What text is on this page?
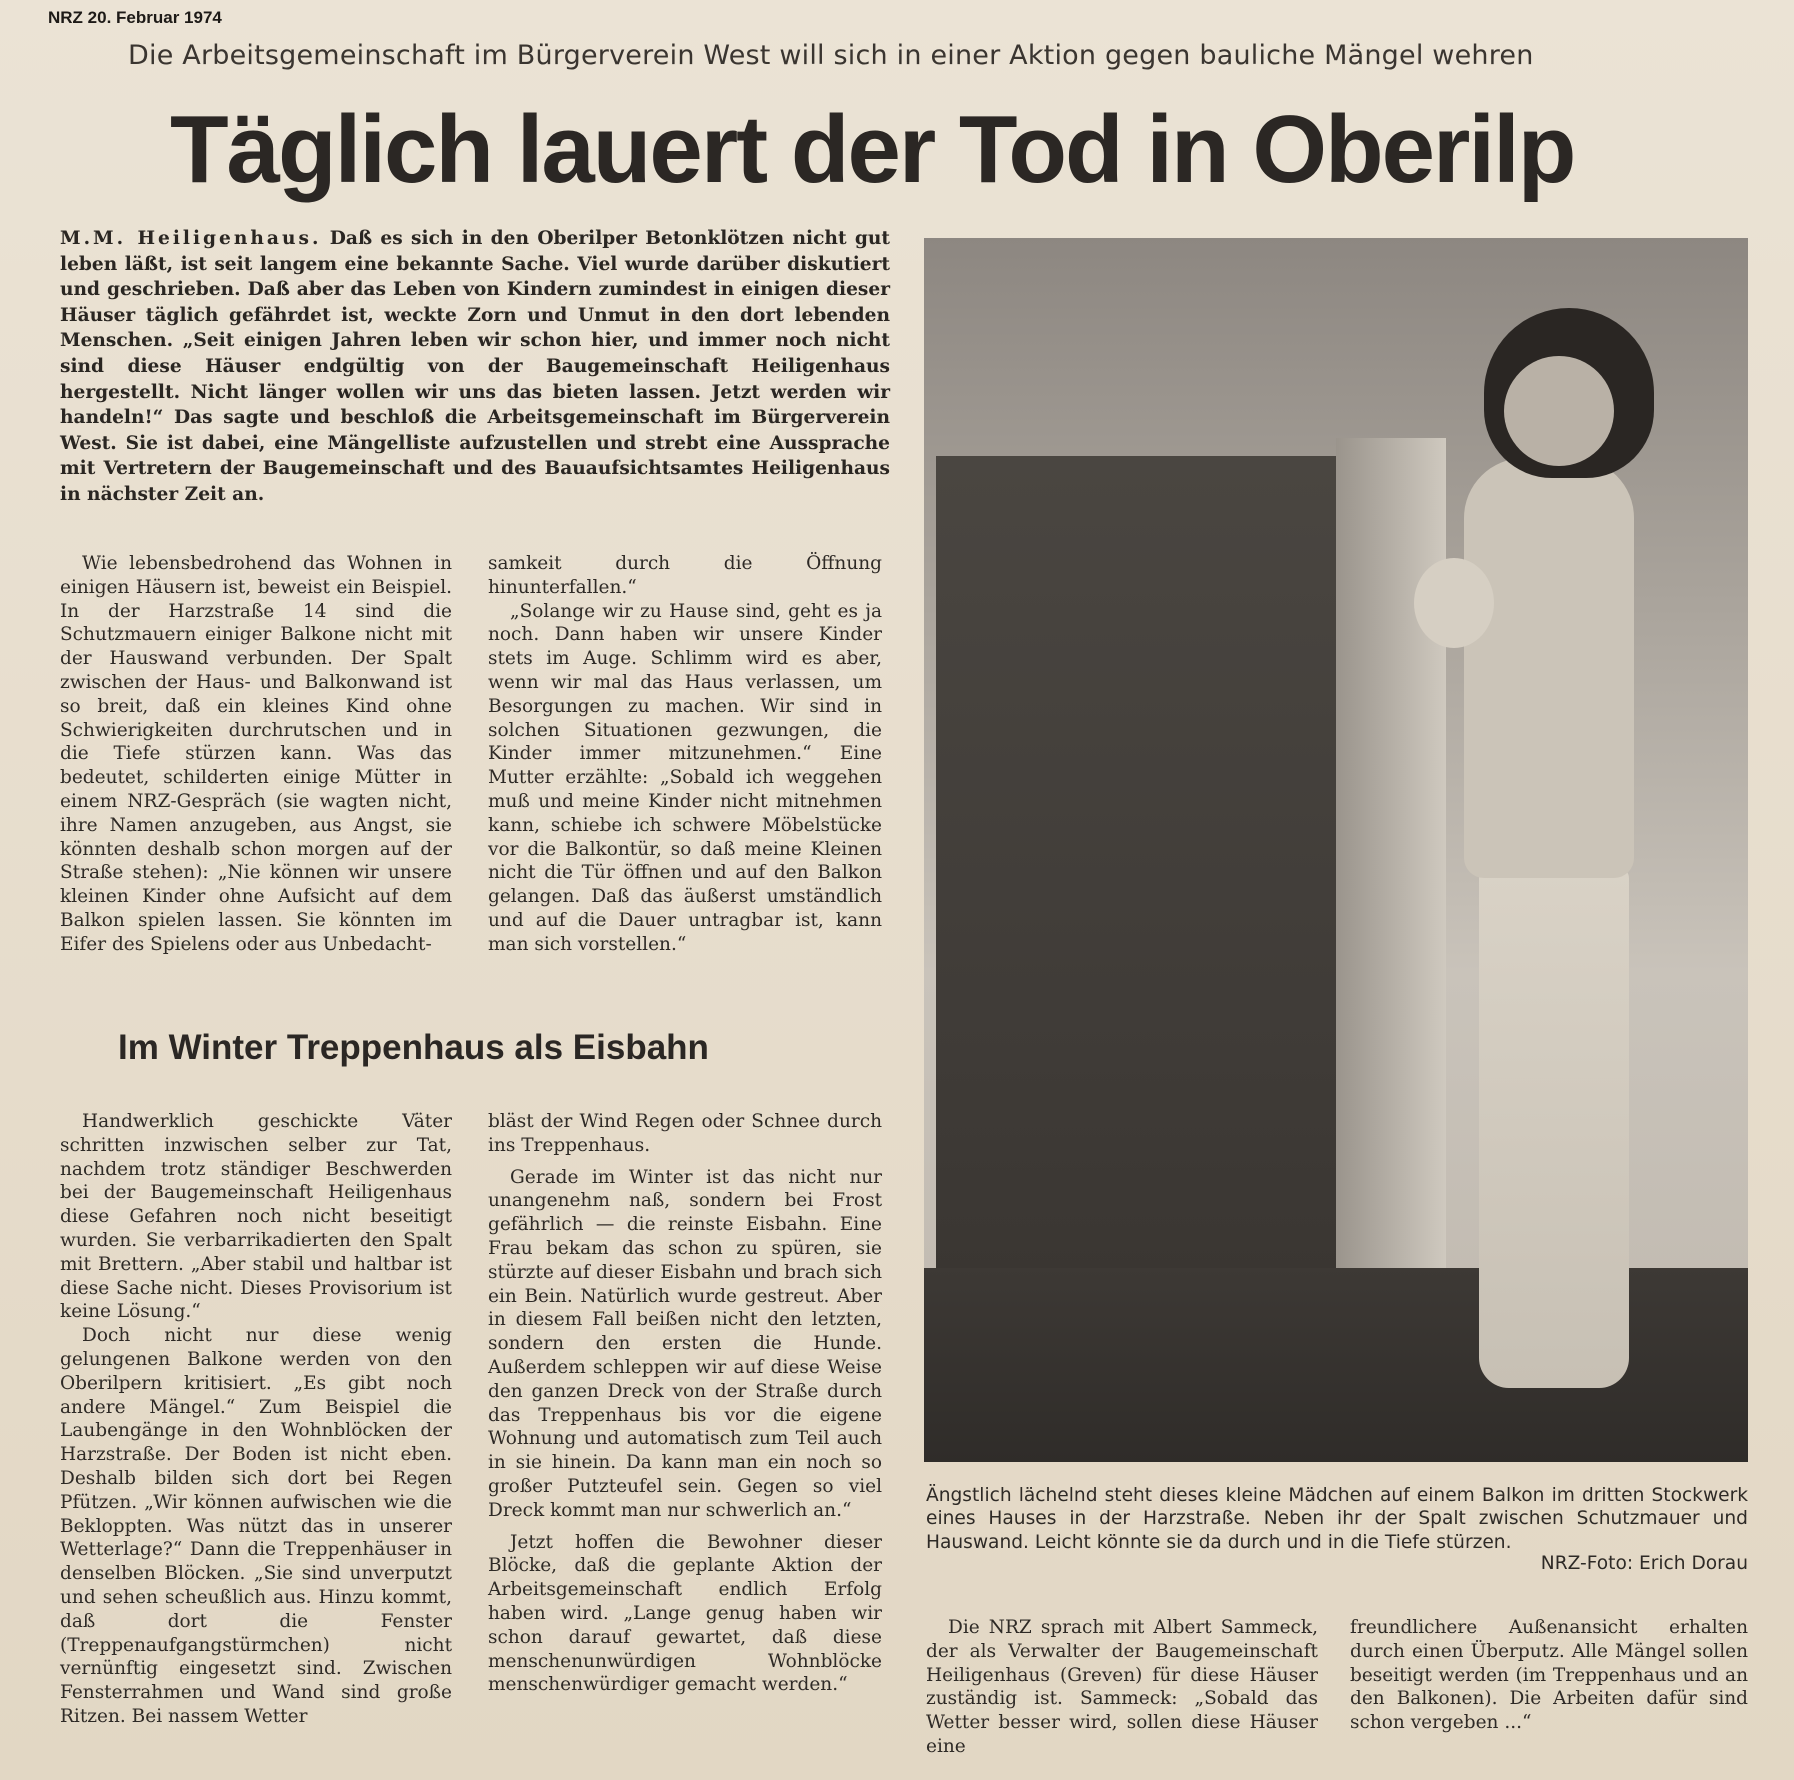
NRZ 20. Februar 1974
Die Arbeitsgemeinschaft im Bürgerverein West will sich in einer Aktion gegen bauliche Mängel wehren
Täglich lauert der Tod in Oberilp
M.M. Heiligenhaus. Daß es sich in den Oberilper Betonklötzen nicht gut leben läßt, ist seit langem eine bekannte Sache. Viel wurde darüber diskutiert und geschrieben. Daß aber das Leben von Kindern zumindest in einigen dieser Häuser täglich gefährdet ist, weckte Zorn und Unmut in den dort lebenden Menschen. „Seit einigen Jahren leben wir schon hier, und immer noch nicht sind diese Häuser endgültig von der Baugemeinschaft Heiligenhaus hergestellt. Nicht länger wollen wir uns das bieten lassen. Jetzt werden wir handeln!“ Das sagte und beschloß die Arbeitsgemeinschaft im Bürgerverein West. Sie ist dabei, eine Mängelliste aufzustellen und strebt eine Aussprache mit Vertretern der Baugemeinschaft und des Bauaufsichtsamtes Heiligenhaus in nächster Zeit an.

Wie lebensbedrohend das Wohnen in einigen Häusern ist, beweist ein Beispiel. In der Harzstraße 14 sind die Schutzmauern einiger Balkone nicht mit der Hauswand verbunden. Der Spalt zwischen der Haus- und Balkonwand ist so breit, daß ein kleines Kind ohne Schwierigkeiten durchrutschen und in die Tiefe stürzen kann. Was das bedeutet, schilderten einige Mütter in einem NRZ-Gespräch (sie wagten nicht, ihre Namen anzugeben, aus Angst, sie könnten deshalb schon morgen auf der Straße stehen): „Nie können wir unsere kleinen Kinder ohne Aufsicht auf dem Balkon spielen lassen. Sie könnten im Eifer des Spielens oder aus Unbedacht-

samkeit durch die Öffnung hinunterfallen.“

„Solange wir zu Hause sind, geht es ja noch. Dann haben wir unsere Kinder stets im Auge. Schlimm wird es aber, wenn wir mal das Haus verlassen, um Besorgungen zu machen. Wir sind in solchen Situationen gezwungen, die Kinder immer mitzunehmen.“ Eine Mutter erzählte: „Sobald ich weggehen muß und meine Kinder nicht mitnehmen kann, schiebe ich schwere Möbelstücke vor die Balkontür, so daß meine Kleinen nicht die Tür öffnen und auf den Balkon gelangen. Daß das äußerst umständlich und auf die Dauer untragbar ist, kann man sich vorstellen.“

Im Winter Treppenhaus als Eisbahn

Handwerklich geschickte Väter schritten inzwischen selber zur Tat, nachdem trotz ständiger Beschwerden bei der Baugemeinschaft Heiligenhaus diese Gefahren noch nicht beseitigt wurden. Sie verbarrikadierten den Spalt mit Brettern. „Aber stabil und haltbar ist diese Sache nicht. Dieses Provisorium ist keine Lösung.“

Doch nicht nur diese wenig gelungenen Balkone werden von den Oberilpern kritisiert. „Es gibt noch andere Mängel.“ Zum Beispiel die Laubengänge in den Wohnblöcken der Harzstraße. Der Boden ist nicht eben. Deshalb bilden sich dort bei Regen Pfützen. „Wir können aufwischen wie die Bekloppten. Was nützt das in unserer Wetterlage?“ Dann die Treppenhäuser in denselben Blöcken. „Sie sind unverputzt und sehen scheußlich aus. Hinzu kommt, daß dort die Fenster (Treppenaufgangstürmchen) nicht vernünftig eingesetzt sind. Zwischen Fensterrahmen und Wand sind große Ritzen. Bei nassem Wetter

bläst der Wind Regen oder Schnee durch ins Treppenhaus.

Gerade im Winter ist das nicht nur unangenehm naß, sondern bei Frost gefährlich — die reinste Eisbahn. Eine Frau bekam das schon zu spüren, sie stürzte auf dieser Eisbahn und brach sich ein Bein. Natürlich wurde gestreut. Aber in diesem Fall beißen nicht den letzten, sondern den ersten die Hunde. Außerdem schleppen wir auf diese Weise den ganzen Dreck von der Straße durch das Treppenhaus bis vor die eigene Wohnung und automatisch zum Teil auch in sie hinein. Da kann man ein noch so großer Putzteufel sein. Gegen so viel Dreck kommt man nur schwerlich an.“

Jetzt hoffen die Bewohner dieser Blöcke, daß die geplante Aktion der Arbeitsgemeinschaft endlich Erfolg haben wird. „Lange genug haben wir schon darauf gewartet, daß diese menschenunwürdigen Wohnblöcke menschenwürdiger gemacht werden.“

Ängstlich lächelnd steht dieses kleine Mädchen auf einem Balkon im dritten Stockwerk eines Hauses in der Harzstraße. Neben ihr der Spalt zwischen Schutzmauer und Hauswand. Leicht könnte sie da durch und in die Tiefe stürzen.
NRZ-Foto: Erich Dorau

Die NRZ sprach mit Albert Sammeck, der als Verwalter der Baugemeinschaft Heiligenhaus (Greven) für diese Häuser zuständig ist. Sammeck: „Sobald das Wetter besser wird, sollen diese Häuser eine

freundlichere Außenansicht erhalten durch einen Überputz. Alle Mängel sollen beseitigt werden (im Treppenhaus und an den Balkonen). Die Arbeiten dafür sind schon vergeben ...“
